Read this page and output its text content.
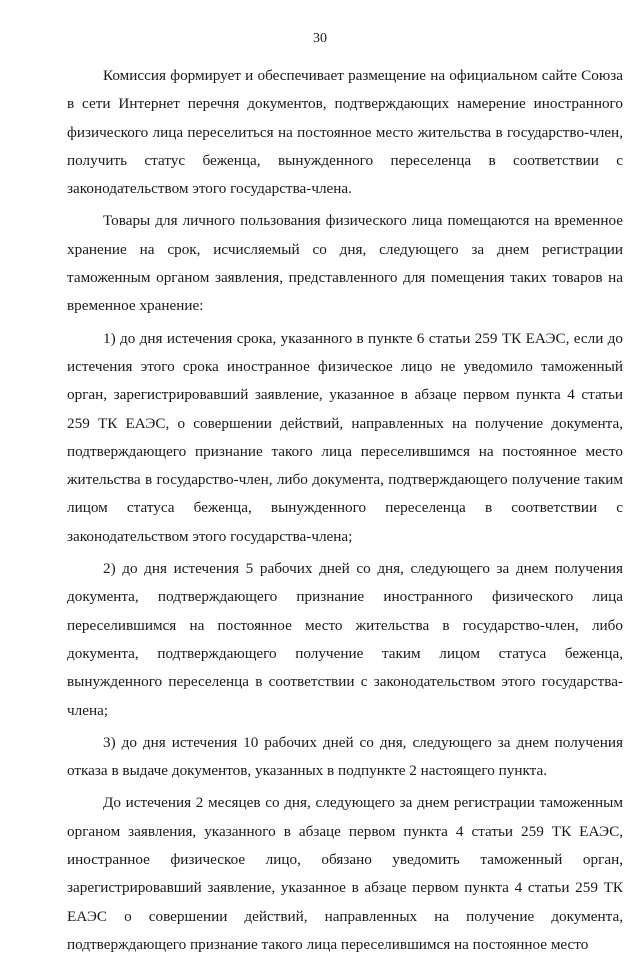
30

Комиссия формирует и обеспечивает размещение на официальном сайте Союза в сети Интернет перечня документов, подтверждающих намерение иностранного физического лица переселиться на постоянное место жительства в государство-член, получить статус беженца, вынужденного переселенца в соответствии с законодательством этого государства-члена.

Товары для личного пользования физического лица помещаются на временное хранение на срок, исчисляемый со дня, следующего за днем регистрации таможенным органом заявления, представленного для помещения таких товаров на временное хранение:

1) до дня истечения срока, указанного в пункте 6 статьи 259 ТК ЕАЭС, если до истечения этого срока иностранное физическое лицо не уведомило таможенный орган, зарегистрировавший заявление, указанное в абзаце первом пункта 4 статьи 259 ТК ЕАЭС, о совершении действий, направленных на получение документа, подтверждающего признание такого лица переселившимся на постоянное место жительства в государство-член, либо документа, подтверждающего получение таким лицом статуса беженца, вынужденного переселенца в соответствии с законодательством этого государства-члена;

2) до дня истечения 5 рабочих дней со дня, следующего за днем получения документа, подтверждающего признание иностранного физического лица переселившимся на постоянное место жительства в государство-член, либо документа, подтверждающего получение таким лицом статуса беженца, вынужденного переселенца в соответствии с законодательством этого государства-члена;

3) до дня истечения 10 рабочих дней со дня, следующего за днем получения отказа в выдаче документов, указанных в подпункте 2 настоящего пункта.

До истечения 2 месяцев со дня, следующего за днем регистрации таможенным органом заявления, указанного в абзаце первом пункта 4 статьи 259 ТК ЕАЭС, иностранное физическое лицо, обязано уведомить таможенный орган, зарегистрировавший заявление, указанное в абзаце первом пункта 4 статьи 259 ТК ЕАЭС о совершении действий, направленных на получение документа, подтверждающего признание такого лица переселившимся на постоянное место
